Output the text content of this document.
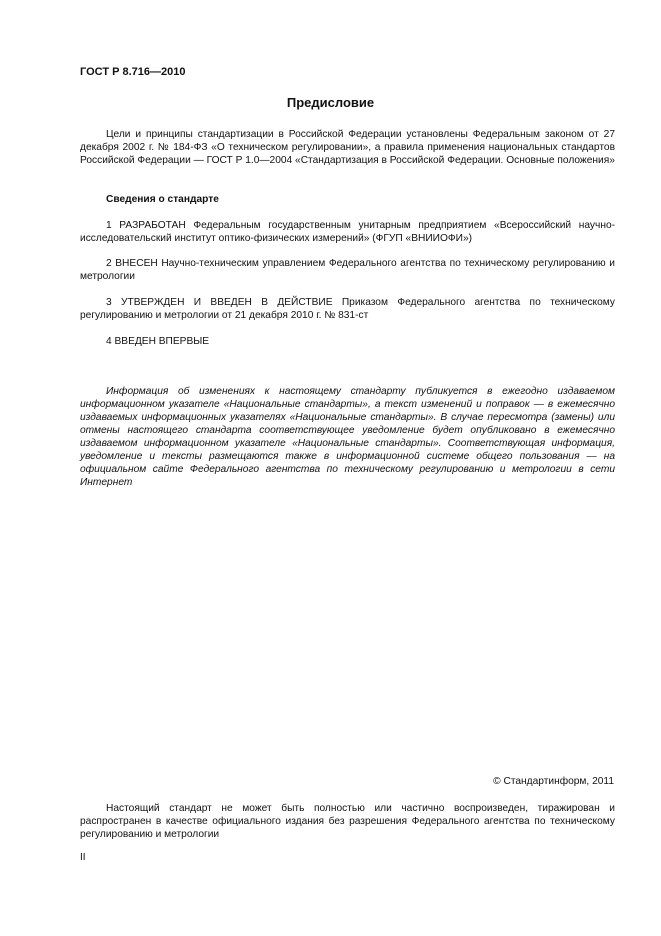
ГОСТ Р 8.716—2010
Предисловие

Цели и принципы стандартизации в Российской Федерации установлены Федеральным законом от 27 декабря 2002 г. № 184-ФЗ «О техническом регулировании», а правила применения национальных стандартов Российской Федерации — ГОСТ Р 1.0—2004 «Стандартизация в Российской Федерации. Основные положения»

Сведения о стандарте

1 РАЗРАБОТАН Федеральным государственным унитарным предприятием «Всероссийский научно-исследовательский институт оптико-физических измерений» (ФГУП «ВНИИОФИ»)

2 ВНЕСЕН Научно-техническим управлением Федерального агентства по техническому регулированию и метрологии

3 УТВЕРЖДЕН И ВВЕДЕН В ДЕЙСТВИЕ Приказом Федерального агентства по техническому регулированию и метрологии от 21 декабря 2010 г. № 831-ст

4 ВВЕДЕН ВПЕРВЫЕ

Информация об изменениях к настоящему стандарту публикуется в ежегодно издаваемом информационном указателе «Национальные стандарты», а текст изменений и поправок — в ежемесячно издаваемых информационных указателях «Национальные стандарты». В случае пересмотра (замены) или отмены настоящего стандарта соответствующее уведомление будет опубликовано в ежемесячно издаваемом информационном указателе «Национальные стандарты». Соответствующая информация, уведомление и тексты размещаются также в информационной системе общего пользования — на официальном сайте Федерального агентства по техническому регулированию и метрологии в сети Интернет

© Стандартинформ, 2011

Настоящий стандарт не может быть полностью или частично воспроизведен, тиражирован и распространен в качестве официального издания без разрешения Федерального агентства по техническому регулированию и метрологии

II
